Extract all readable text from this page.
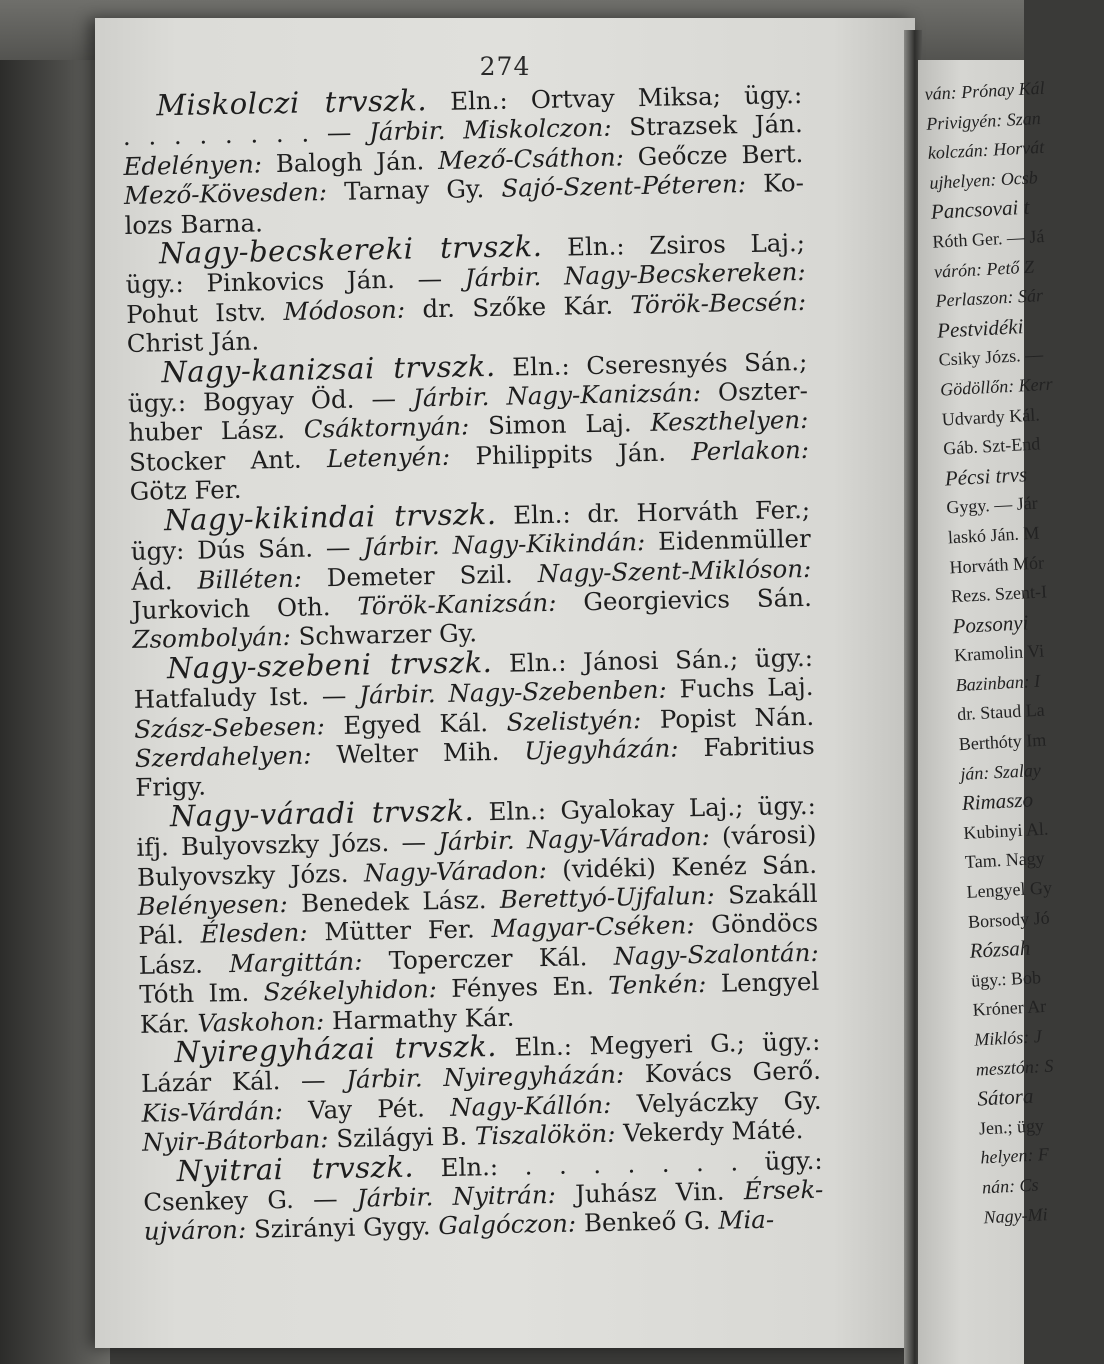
274
Miskolczi trvszk. Eln.: Ortvay Miksa; ügy.:
. . . . . . . . — Járbir. Miskolczon: Strazsek Ján.
Edelényen: Balogh Ján. Mező-Csáthon: Geőcze Bert.
Mező-Kövesden: Tarnay Gy. Sajó-Szent-Péteren: Ko-
lozs Barna.
Nagy-becskereki trvszk. Eln.: Zsiros Laj.;
ügy.: Pinkovics Ján. — Járbir. Nagy-Becskereken:
Pohut Istv. Módoson: dr. Szőke Kár. Török-Becsén:
Christ Ján.
Nagy-kanizsai trvszk. Eln.: Cseresnyés Sán.;
ügy.: Bogyay Öd. — Járbir. Nagy-Kanizsán: Oszter-
huber Lász. Csáktornyán: Simon Laj. Keszthelyen:
Stocker Ant. Letenyén: Philippits Ján. Perlakon:
Götz Fer.
Nagy-kikindai trvszk. Eln.: dr. Horváth Fer.;
ügy: Dús Sán. — Járbir. Nagy-Kikindán: Eidenmüller
Ád. Billéten: Demeter Szil. Nagy-Szent-Miklóson:
Jurkovich Oth. Török-Kanizsán: Georgievics Sán.
Zsombolyán: Schwarzer Gy.
Nagy-szebeni trvszk. Eln.: Jánosi Sán.; ügy.:
Hatfaludy Ist. — Járbir. Nagy-Szebenben: Fuchs Laj.
Szász-Sebesen: Egyed Kál. Szelistyén: Popist Nán.
Szerdahelyen: Welter Mih. Ujegyházán: Fabritius
Frigy.
Nagy-váradi trvszk. Eln.: Gyalokay Laj.; ügy.:
ifj. Bulyovszky Józs. — Járbir. Nagy-Váradon: (városi)
Bulyovszky Józs. Nagy-Váradon: (vidéki) Kenéz Sán.
Belényesen: Benedek Lász. Berettyó-Ujfalun: Szakáll
Pál. Élesden: Mütter Fer. Magyar-Cséken: Göndöcs
Lász. Margittán: Toperczer Kál. Nagy-Szalontán:
Tóth Im. Székelyhidon: Fényes En. Tenkén: Lengyel
Kár. Vaskohon: Harmathy Kár.
Nyiregyházai trvszk. Eln.: Megyeri G.; ügy.:
Lázár Kál. — Járbir. Nyiregyházán: Kovács Gerő.
Kis-Várdán: Vay Pét. Nagy-Kállón: Velyáczky Gy.
Nyir-Bátorban: Szilágyi B. Tiszalökön: Vekerdy Máté.
Nyitrai trvszk. Eln.: . . . . . . . ügy.:
Csenkey G. — Járbir. Nyitrán: Juhász Vin. Érsek-
ujváron: Szirányi Gygy. Galgóczon: Benkeő G. Mia-
ván: Prónay Kál
Privigyén: Szan
kolczán: Horvát
ujhelyen: Ocsb
Pancsovai t
Róth Ger. — Já
várón: Pető Z
Perlaszon: Sár
Pestvidéki
Csiky Józs. —
Gödöllőn: Kerr
Udvardy Kál.
Gáb. Szt-End
Pécsi trvs
Gygy. — Jár
laskó Ján. M
Horváth Mór
Rezs. Szent-I
Pozsonyi
Kramolin Vi
Bazinban: I
dr. Staud La
Berthóty Im
ján: Szalay
Rimaszo
Kubinyi Al.
Tam. Nagy
Lengyel Gy
Borsody Jó
Rózsah
ügy.: Bob
Króner Ar
Miklós: J
mesztón: S
Sátora
Jen.; ügy
helyen: F
nán: Cs
Nagy-Mi
